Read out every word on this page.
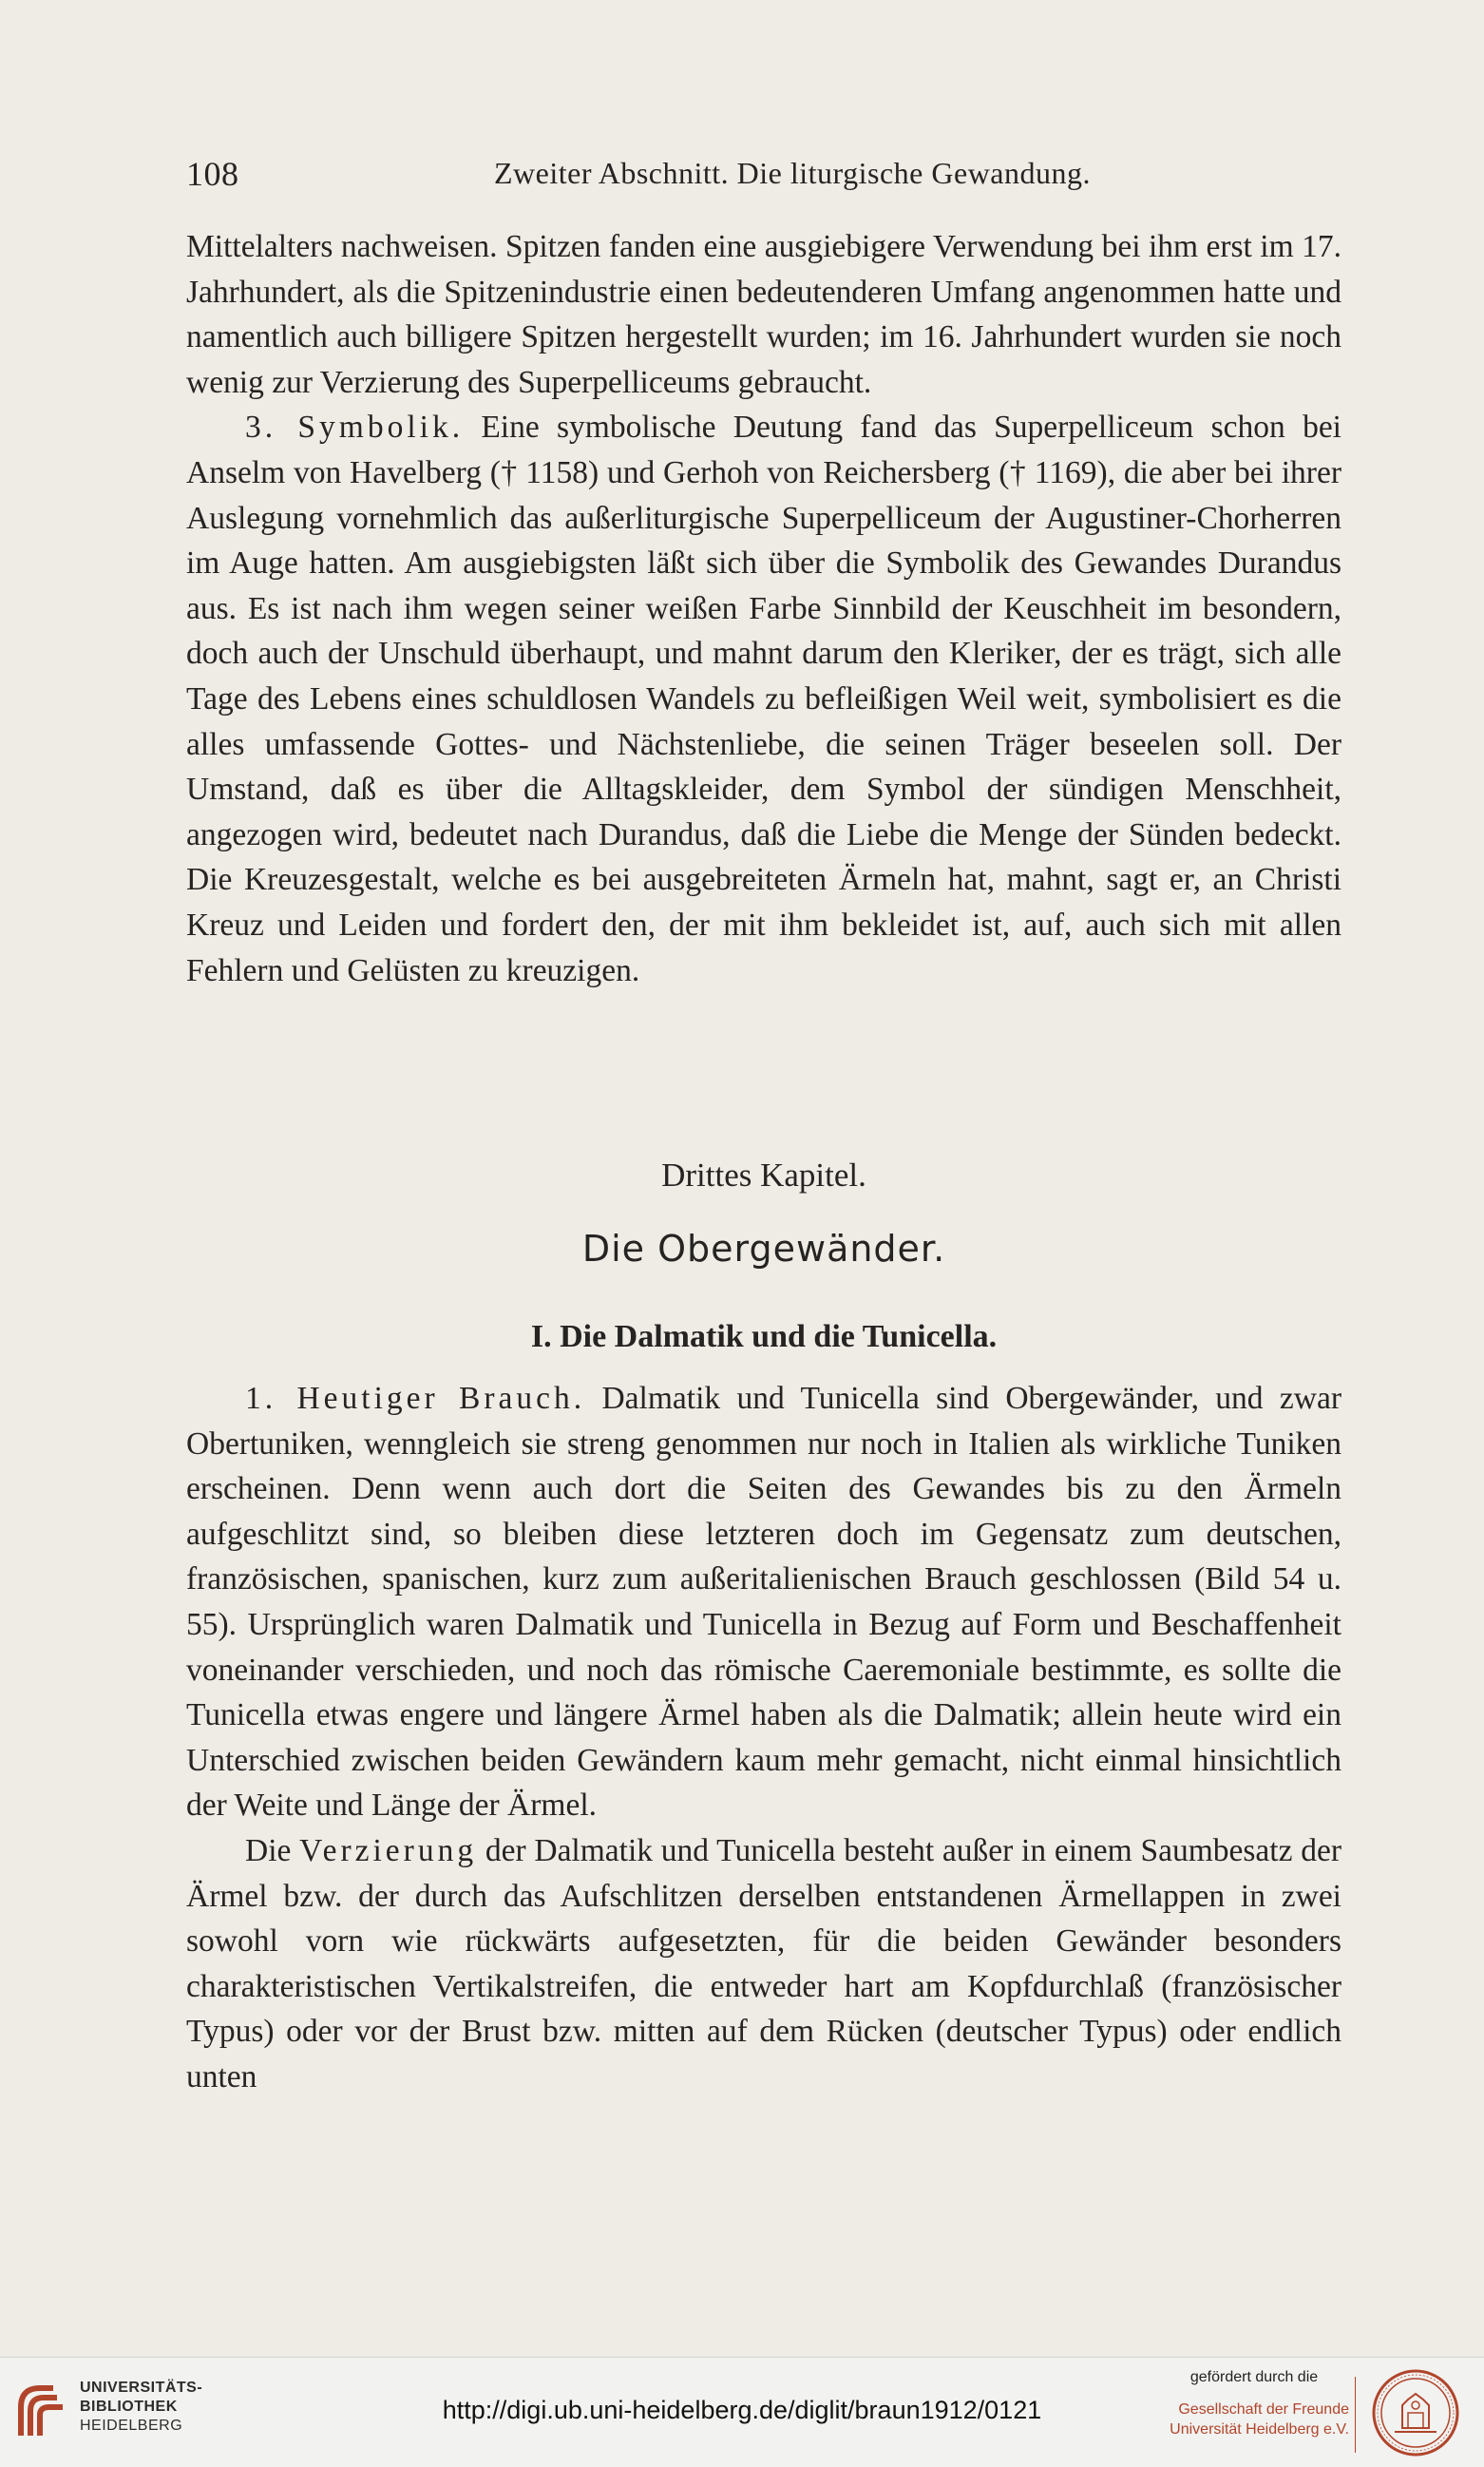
108	Zweiter Abschnitt. Die liturgische Gewandung.

Mittelalters nachweisen. Spitzen fanden eine ausgiebigere Verwendung bei ihm erst im 17. Jahrhundert, als die Spitzenindustrie einen bedeutenderen Umfang angenommen hatte und namentlich auch billigere Spitzen hergestellt wurden; im 16. Jahrhundert wurden sie noch wenig zur Verzierung des Superpelliceums gebraucht.

3. Symbolik. Eine symbolische Deutung fand das Superpelliceum schon bei Anselm von Havelberg († 1158) und Gerhoh von Reichersberg († 1169), die aber bei ihrer Auslegung vornehmlich das außerliturgische Superpelliceum der Augustiner-Chorherren im Auge hatten. Am ausgiebigsten läßt sich über die Symbolik des Gewandes Durandus aus. Es ist nach ihm wegen seiner weißen Farbe Sinnbild der Keuschheit im besondern, doch auch der Unschuld überhaupt, und mahnt darum den Kleriker, der es trägt, sich alle Tage des Lebens eines schuldlosen Wandels zu befleißigen Weil weit, symbolisiert es die alles umfassende Gottes- und Nächstenliebe, die seinen Träger beseelen soll. Der Umstand, daß es über die Alltagskleider, dem Symbol der sündigen Menschheit, angezogen wird, bedeutet nach Durandus, daß die Liebe die Menge der Sünden bedeckt. Die Kreuzesgestalt, welche es bei ausgebreiteten Ärmeln hat, mahnt, sagt er, an Christi Kreuz und Leiden und fordert den, der mit ihm bekleidet ist, auf, auch sich mit allen Fehlern und Gelüsten zu kreuzigen.

Drittes Kapitel.
Die Obergewänder.
I. Die Dalmatik und die Tunicella.

1. Heutiger Brauch. Dalmatik und Tunicella sind Obergewänder, und zwar Obertuniken, wenngleich sie streng genommen nur noch in Italien als wirkliche Tuniken erscheinen. Denn wenn auch dort die Seiten des Gewandes bis zu den Ärmeln aufgeschlitzt sind, so bleiben diese letzteren doch im Gegensatz zum deutschen, französischen, spanischen, kurz zum außeritalienischen Brauch geschlossen (Bild 54 u. 55). Ursprünglich waren Dalmatik und Tunicella in Bezug auf Form und Beschaffenheit voneinander verschieden, und noch das römische Caeremoniale bestimmte, es sollte die Tunicella etwas engere und längere Ärmel haben als die Dalmatik; allein heute wird ein Unterschied zwischen beiden Gewändern kaum mehr gemacht, nicht einmal hinsichtlich der Weite und Länge der Ärmel.

Die Verzierung der Dalmatik und Tunicella besteht außer in einem Saumbesatz der Ärmel bzw. der durch das Aufschlitzen derselben entstandenen Ärmellappen in zwei sowohl vorn wie rückwärts aufgesetzten, für die beiden Gewänder besonders charakteristischen Vertikalstreifen, die entweder hart am Kopfdurchlaß (französischer Typus) oder vor der Brust bzw. mitten auf dem Rücken (deutscher Typus) oder endlich unten

UNIVERSITÄTS-
BIBLIOTHEK
HEIDELBERG
http://digi.ub.uni-heidelberg.de/diglit/braun1912/0121
gefördert durch die
Gesellschaft der Freunde
Universität Heidelberg e.V.
